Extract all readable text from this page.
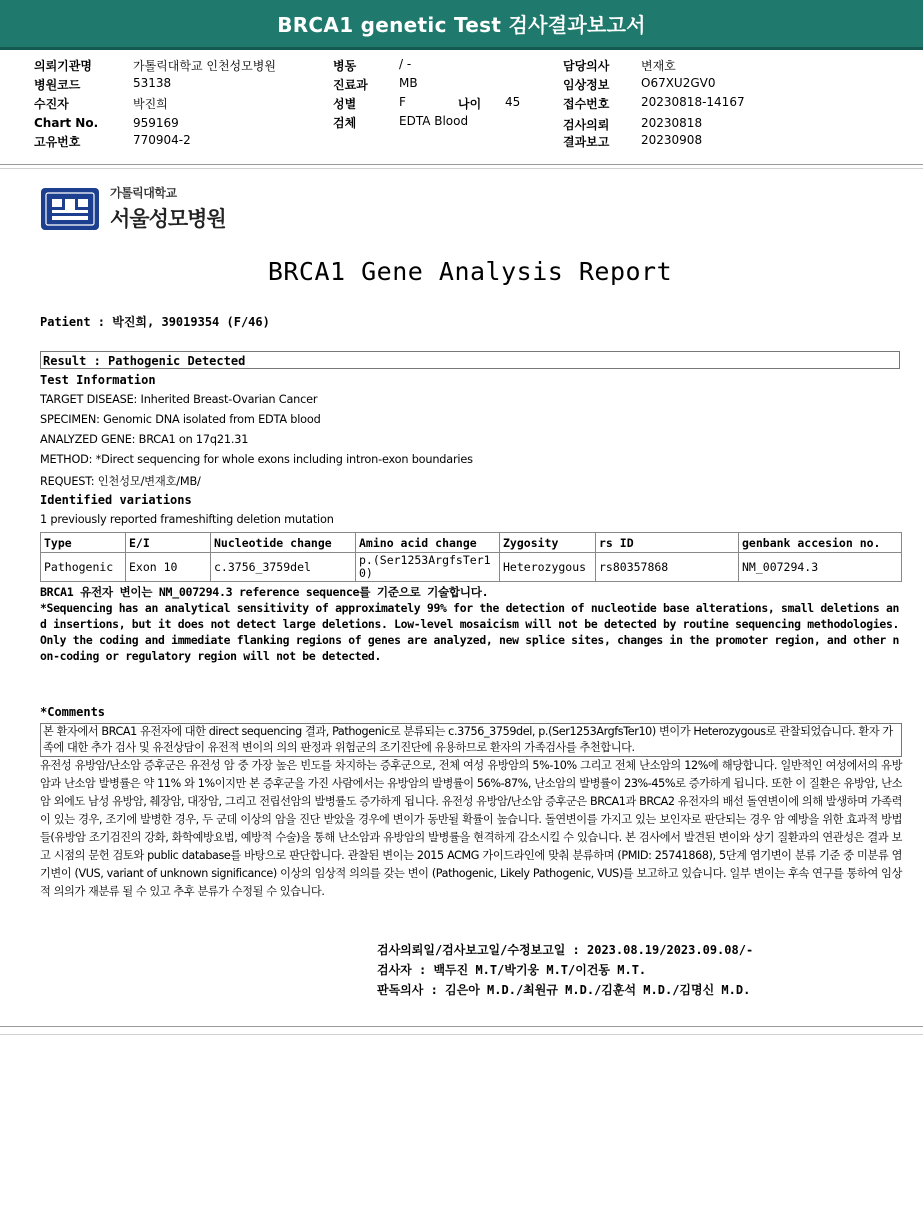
BRCA1 genetic Test 검사결과보고서
의뢰기관명	가톨릭대학교 인천성모병원
병원코드	53138
수진자	박진희
Chart No.	959169
고유번호	770904-2
병동	/ -
진료과	MB
성별	F	나이 45
검체	EDTA Blood
담당의사	변재호
임상정보	O67XU2GV0
접수번호	20230818-14167
검사의뢰	20230818
결과보고	20230908
가톨릭대학교
서울성모병원
BRCA1 Gene Analysis Report
Patient : 박진희, 39019354 (F/46)
Result : Pathogenic Detected
Test Information
TARGET DISEASE: Inherited Breast-Ovarian Cancer
SPECIMEN: Genomic DNA isolated from EDTA blood
ANALYZED GENE: BRCA1 on 17q21.31
METHOD: *Direct sequencing for whole exons including intron-exon boundaries
REQUEST: 인천성모/변재호/MB/
Identified variations
1 previously reported frameshifting deletion mutation
Type	E/I	Nucleotide change	Amino acid change	Zygosity	rs ID	genbank accesion no.
Pathogenic	Exon 10	c.3756_3759del	p.(Ser1253ArgfsTer10)	Heterozygous	rs80357868	NM_007294.3
BRCA1 유전자 변이는 NM_007294.3 reference sequence를 기준으로 기술합니다.
*Sequencing has an analytical sensitivity of approximately 99% for the detection of nucleotide base alterations, small deletions and insertions, but it does not detect large deletions. Low-level mosaicism will not be detected by routine sequencing methodologies. Only the coding and immediate flanking regions of genes are analyzed, new splice sites, changes in the promoter region, and other non-coding or regulatory region will not be detected.
*Comments
본 환자에서 BRCA1 유전자에 대한 direct sequencing 결과, Pathogenic로 분류되는 c.3756_3759del, p.(Ser1253ArgfsTer10) 변이가 Heterozygous로 관찰되었습니다. 환자 가족에 대한 추가 검사 및 유전상담이 유전적 변이의 의의 판정과 위험군의 조기진단에 유용하므로 환자의 가족검사를 추천합니다.
유전성 유방암/난소암 증후군은 유전성 암 중 가장 높은 빈도를 차지하는 증후군으로, 전체 여성 유방암의 5%-10% 그리고 전체 난소암의 12%에 해당합니다. 일반적인 여성에서의 유방암과 난소암 발병률은 약 11% 와 1%이지만 본 증후군을 가진 사람에서는 유방암의 발병률이 56%-87%, 난소암의 발병률이 23%-45%로 증가하게 됩니다. 또한 이 질환은 유방암, 난소암 외에도 남성 유방암, 췌장암, 대장암, 그리고 전립선암의 발병률도 증가하게 됩니다. 유전성 유방암/난소암 증후군은 BRCA1과 BRCA2 유전자의 배선 돌연변이에 의해 발생하며 가족력이 있는 경우, 조기에 발병한 경우, 두 군데 이상의 암을 진단 받았을 경우에 변이가 동반될 확률이 높습니다. 돌연변이를 가지고 있는 보인자로 판단되는 경우 암 예방을 위한 효과적 방법들(유방암 조기검진의 강화, 화학예방요법, 예방적 수술)을 통해 난소암과 유방암의 발병률을 현격하게 감소시킬 수 있습니다. 본 검사에서 발견된 변이와 상기 질환과의 연관성은 결과 보고 시점의 문헌 검토와 public database를 바탕으로 판단합니다. 관찰된 변이는 2015 ACMG 가이드라인에 맞춰 분류하며 (PMID: 25741868), 5단계 염기변이 분류 기준 중 미분류 염기변이 (VUS, variant of unknown significance) 이상의 임상적 의의를 갖는 변이 (Pathogenic, Likely Pathogenic, VUS)를 보고하고 있습니다. 일부 변이는 후속 연구를 통하여 임상적 의의가 재분류 될 수 있고 추후 분류가 수정될 수 있습니다.
검사의뢰일/검사보고일/수정보고일 : 2023.08.19/2023.09.08/-
검사자 : 백두진 M.T/박기웅 M.T/이건동 M.T.
판독의사 : 김은아 M.D./최원규 M.D./김훈석 M.D./김명신 M.D.
